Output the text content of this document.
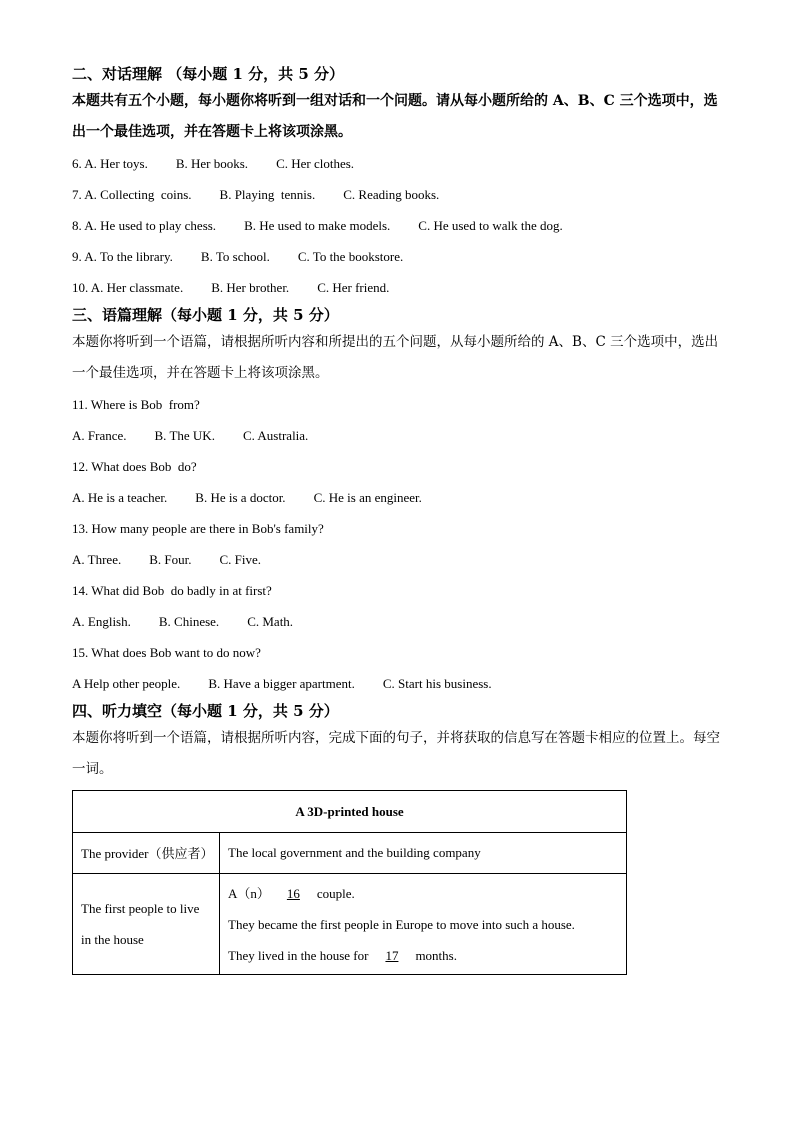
二、对话理解 （每小题 1 分，共 5 分）

本题共有五个小题，每小题你将听到一组对话和一个问题。请从每小题所给的 A、B、C 三个选项中，选出一个最佳选项，并在答题卡上将该项涂黑。

6. A. Her toys. B. Her books. C. Her clothes.

7. A. Collecting  coins. B. Playing  tennis. C. Reading books.

8. A. He used to play chess. B. He used to make models. C. He used to walk the dog.

9. A. To the library. B. To school. C. To the bookstore.

10. A. Her classmate. B. Her brother. C. Her friend.

三、语篇理解（每小题 1 分，共 5 分）

本题你将听到一个语篇，请根据所听内容和所提出的五个问题，从每小题所给的 A、B、C 三个选项中，选出一个最佳选项，并在答题卡上将该项涂黑。

11. Where is Bob  from?

A. France. B. The UK. C. Australia.

12. What does Bob  do?

A. He is a teacher. B. He is a doctor. C. He is an engineer.

13. How many people are there in Bob's family?

A. Three. B. Four. C. Five.

14. What did Bob  do badly in at first?

A. English. B. Chinese. C. Math.

15. What does Bob want to do now?

A Help other people. B. Have a bigger apartment. C. Start his business.

四、听力填空（每小题 1 分，共 5 分）

本题你将听到一个语篇，请根据所听内容，完成下面的句子，并将获取的信息写在答题卡相应的位置上。每空一词。

A 3D-printed house	
The provider（供应者）	The local government and the building company
The first people to live in the house	A（n） 16 couple.

They became the first people in Europe to move into such a house.

They lived in the house for 17 months.
